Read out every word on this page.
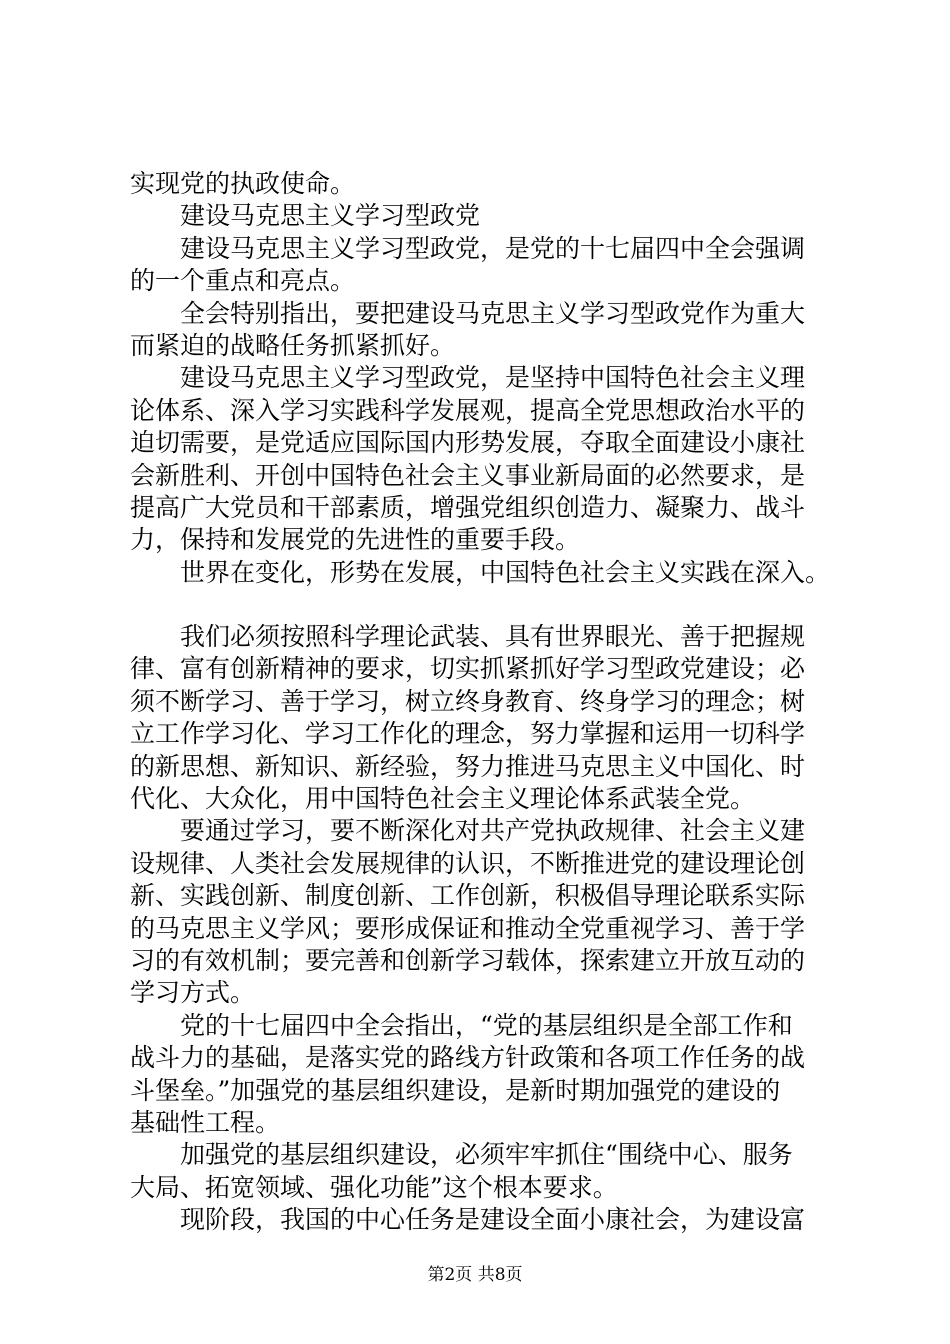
实现党的执政使命。
建设马克思主义学习型政党
建设马克思主义学习型政党，是党的十七届四中全会强调
的一个重点和亮点。
全会特别指出，要把建设马克思主义学习型政党作为重大
而紧迫的战略任务抓紧抓好。
建设马克思主义学习型政党，是坚持中国特色社会主义理
论体系、深入学习实践科学发展观，提高全党思想政治水平的
迫切需要，是党适应国际国内形势发展，夺取全面建设小康社
会新胜利、开创中国特色社会主义事业新局面的必然要求，是
提高广大党员和干部素质，增强党组织创造力、凝聚力、战斗
力，保持和发展党的先进性的重要手段。
世界在变化，形势在发展，中国特色社会主义实践在深入。
我们必须按照科学理论武装、具有世界眼光、善于把握规
律、富有创新精神的要求，切实抓紧抓好学习型政党建设；必
须不断学习、善于学习，树立终身教育、终身学习的理念；树
立工作学习化、学习工作化的理念，努力掌握和运用一切科学
的新思想、新知识、新经验，努力推进马克思主义中国化、时
代化、大众化，用中国特色社会主义理论体系武装全党。
要通过学习，要不断深化对共产党执政规律、社会主义建
设规律、人类社会发展规律的认识，不断推进党的建设理论创
新、实践创新、制度创新、工作创新，积极倡导理论联系实际
的马克思主义学风；要形成保证和推动全党重视学习、善于学
习的有效机制；要完善和创新学习载体，探索建立开放互动的
学习方式。
党的十七届四中全会指出，“党的基层组织是全部工作和
战斗力的基础，是落实党的路线方针政策和各项工作任务的战
斗堡垒。”加强党的基层组织建设，是新时期加强党的建设的
基础性工程。
加强党的基层组织建设，必须牢牢抓住“围绕中心、服务
大局、拓宽领域、强化功能”这个根本要求。
现阶段，我国的中心任务是建设全面小康社会，为建设富
第2页 共8页
